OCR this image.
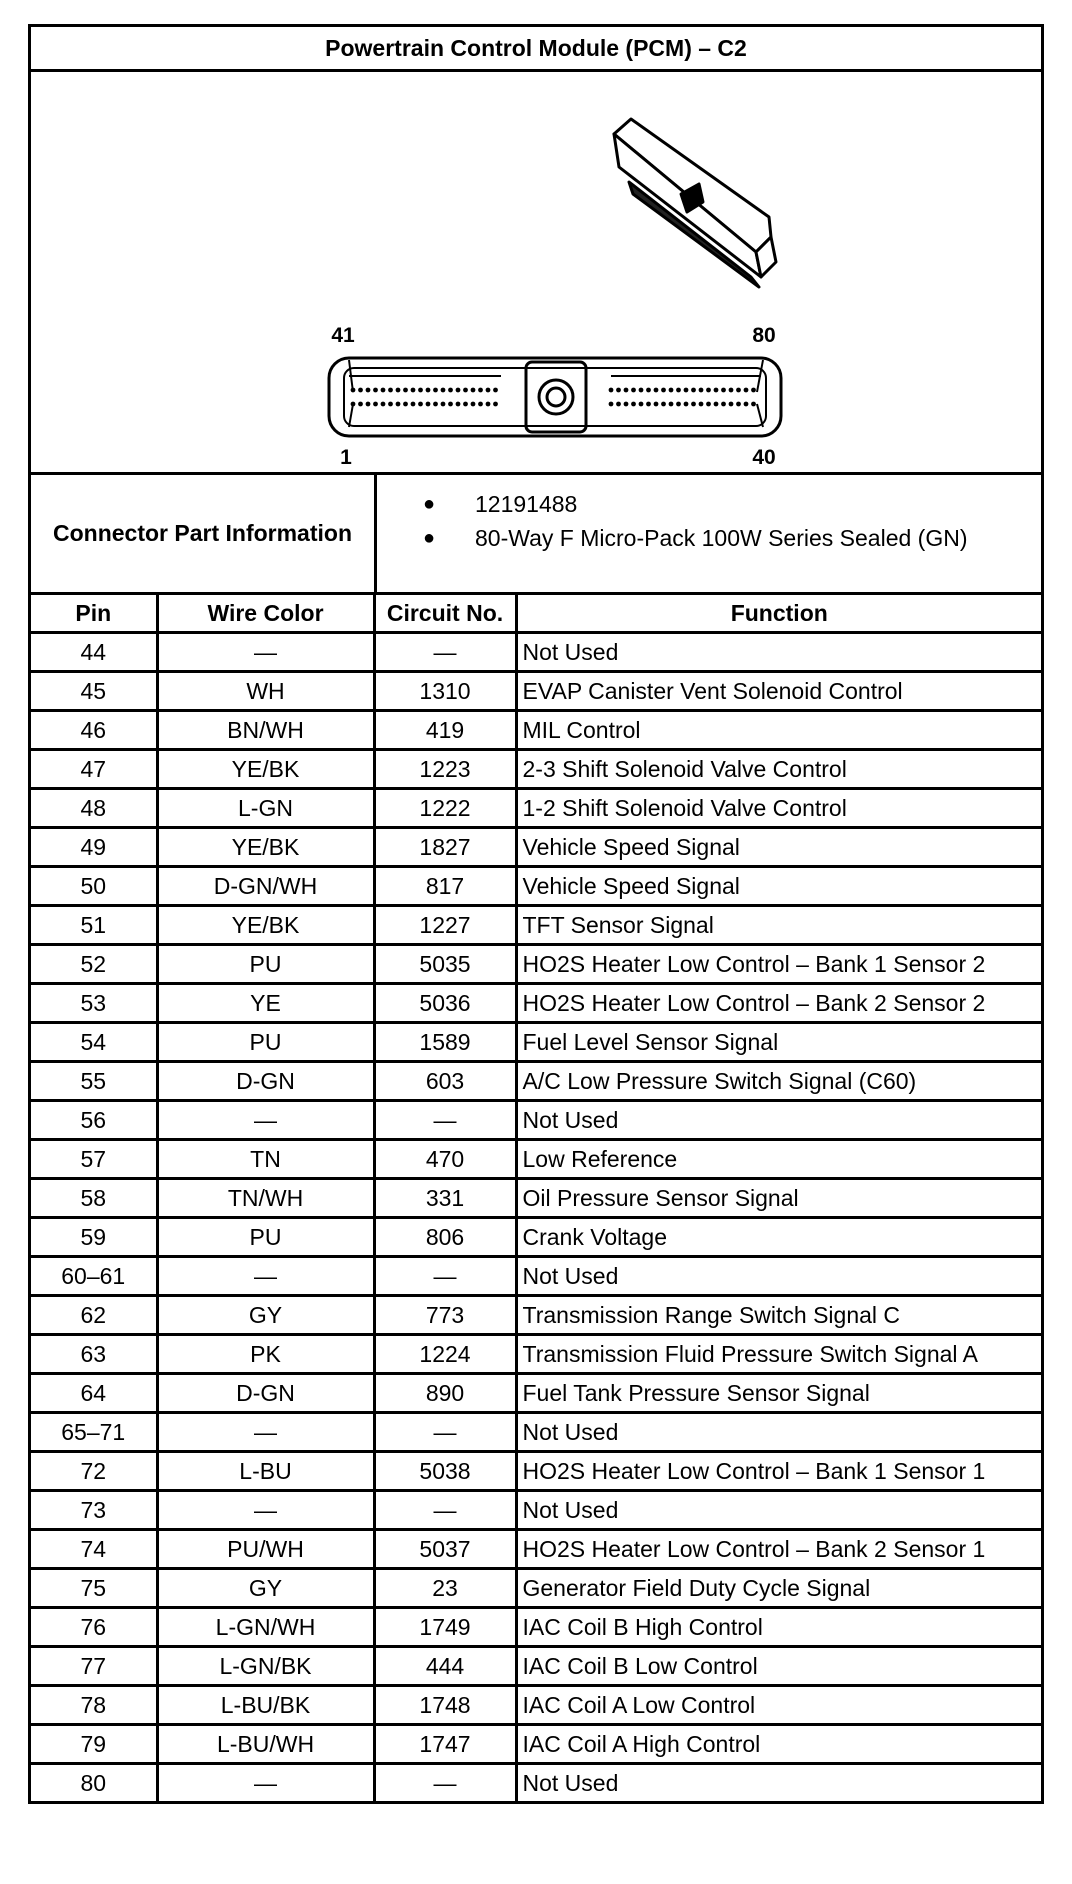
Powertrain Control Module (PCM) – C2
41	80
1	40
Connector Part Information
●	12191488
●	80-Way F Micro-Pack 100W Series Sealed (GN)
Pin	Wire Color	Circuit No.	Function
44	—	—	Not Used
45	WH	1310	EVAP Canister Vent Solenoid Control
46	BN/WH	419	MIL Control
47	YE/BK	1223	2-3 Shift Solenoid Valve Control
48	L-GN	1222	1-2 Shift Solenoid Valve Control
49	YE/BK	1827	Vehicle Speed Signal
50	D-GN/WH	817	Vehicle Speed Signal
51	YE/BK	1227	TFT Sensor Signal
52	PU	5035	HO2S Heater Low Control – Bank 1 Sensor 2
53	YE	5036	HO2S Heater Low Control – Bank 2 Sensor 2
54	PU	1589	Fuel Level Sensor Signal
55	D-GN	603	A/C Low Pressure Switch Signal (C60)
56	—	—	Not Used
57	TN	470	Low Reference
58	TN/WH	331	Oil Pressure Sensor Signal
59	PU	806	Crank Voltage
60–61	—	—	Not Used
62	GY	773	Transmission Range Switch Signal C
63	PK	1224	Transmission Fluid Pressure Switch Signal A
64	D-GN	890	Fuel Tank Pressure Sensor Signal
65–71	—	—	Not Used
72	L-BU	5038	HO2S Heater Low Control – Bank 1 Sensor 1
73	—	—	Not Used
74	PU/WH	5037	HO2S Heater Low Control – Bank 2 Sensor 1
75	GY	23	Generator Field Duty Cycle Signal
76	L-GN/WH	1749	IAC Coil B High Control
77	L-GN/BK	444	IAC Coil B Low Control
78	L-BU/BK	1748	IAC Coil A Low Control
79	L-BU/WH	1747	IAC Coil A High Control
80	—	—	Not Used
